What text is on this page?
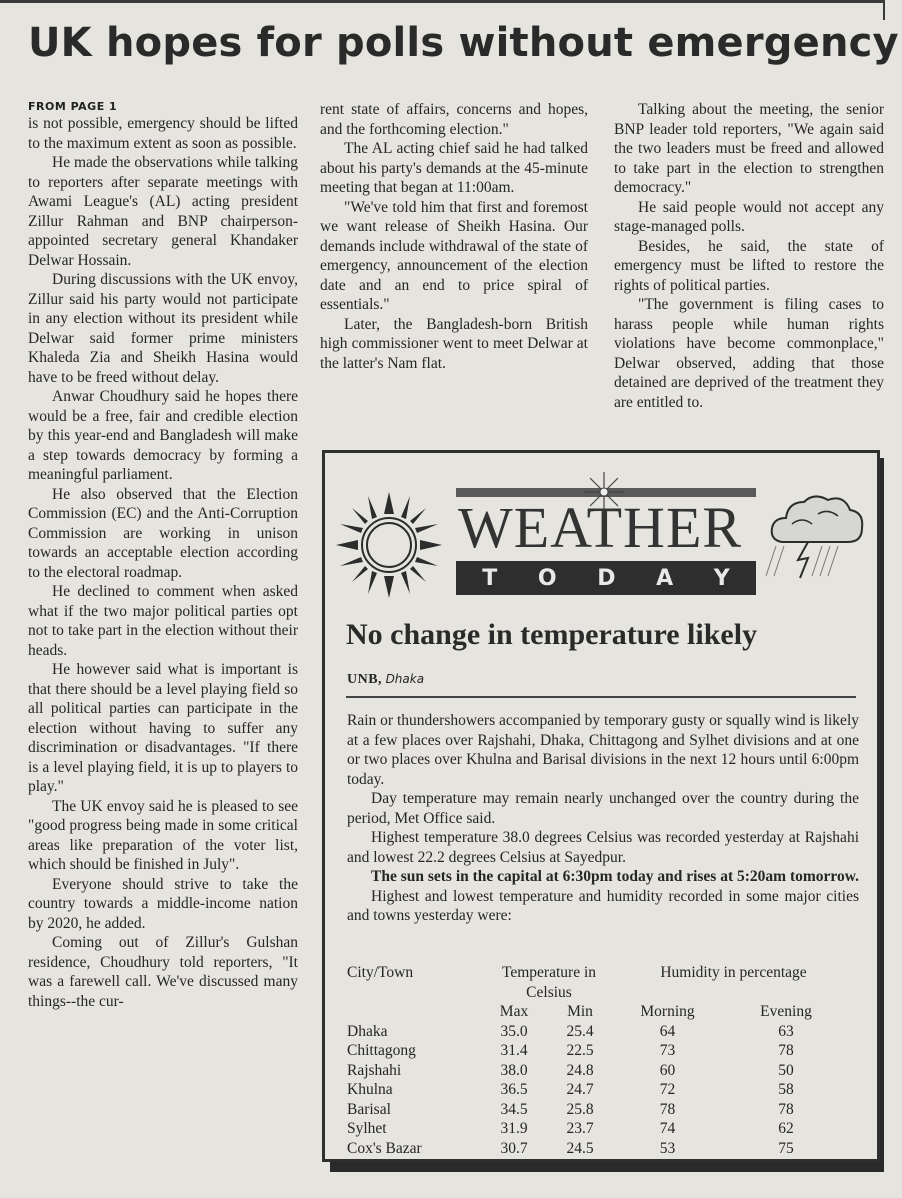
UK hopes for polls without emergency
FROM PAGE 1

is not possible, emergency should be lifted to the maximum extent as soon as possible.

He made the observations while talking to reporters after separate meetings with Awami League's (AL) acting president Zillur Rahman and BNP chairperson-appointed secretary general Khandaker Delwar Hossain.

During discussions with the UK envoy, Zillur said his party would not participate in any election without its president while Delwar said former prime ministers Khaleda Zia and Sheikh Hasina would have to be freed without delay.

Anwar Choudhury said he hopes there would be a free, fair and credible election by this year-end and Bangladesh will make a step towards democracy by forming a meaningful parliament.

He also observed that the Election Commission (EC) and the Anti-Corruption Commission are working in unison towards an acceptable election according to the electoral roadmap.

He declined to comment when asked what if the two major political parties opt not to take part in the election without their heads.

He however said what is important is that there should be a level playing field so all political parties can participate in the election without having to suffer any discrimination or disadvantages. "If there is a level playing field, it is up to players to play."

The UK envoy said he is pleased to see "good progress being made in some critical areas like preparation of the voter list, which should be finished in July".

Everyone should strive to take the country towards a middle-income nation by 2020, he added.

Coming out of Zillur's Gulshan residence, Choudhury told reporters, "It was a farewell call. We've discussed many things--the cur-

rent state of affairs, concerns and hopes, and the forthcoming election."

The AL acting chief said he had talked about his party's demands at the 45-minute meeting that began at 11:00am.

"We've told him that first and foremost we want release of Sheikh Hasina. Our demands include withdrawal of the state of emergency, announcement of the election date and an end to price spiral of essentials."

Later, the Bangladesh-born British high commissioner went to meet Delwar at the latter's Nam flat.

Talking about the meeting, the senior BNP leader told reporters, "We again said the two leaders must be freed and allowed to take part in the election to strengthen democracy."

He said people would not accept any stage-managed polls.

Besides, he said, the state of emergency must be lifted to restore the rights of political parties.

"The government is filing cases to harass people while human rights violations have become commonplace," Delwar observed, adding that those detained are deprived of the treatment they are entitled to.

WEATHER
T O D A Y
No change in temperature likely
UNB, Dhaka

Rain or thundershowers accompanied by temporary gusty or squally wind is likely at a few places over Rajshahi, Dhaka, Chittagong and Sylhet divisions and at one or two places over Khulna and Barisal divisions in the next 12 hours until 6:00pm today.

Day temperature may remain nearly unchanged over the country during the period, Met Office said.

Highest temperature 38.0 degrees Celsius was recorded yesterday at Rajshahi and lowest 22.2 degrees Celsius at Sayedpur.

The sun sets in the capital at 6:30pm today and rises at 5:20am tomorrow.

Highest and lowest temperature and humidity recorded in some major cities and towns yesterday were:

City/Town	Temperature in Celsius		Humidity in percentage	
	Max	Min	Morning	Evening
Dhaka	35.0	25.4	64	63
Chittagong	31.4	22.5	73	78
Rajshahi	38.0	24.8	60	50
Khulna	36.5	24.7	72	58
Barisal	34.5	25.8	78	78
Sylhet	31.9	23.7	74	62
Cox's Bazar	30.7	24.5	53	75
